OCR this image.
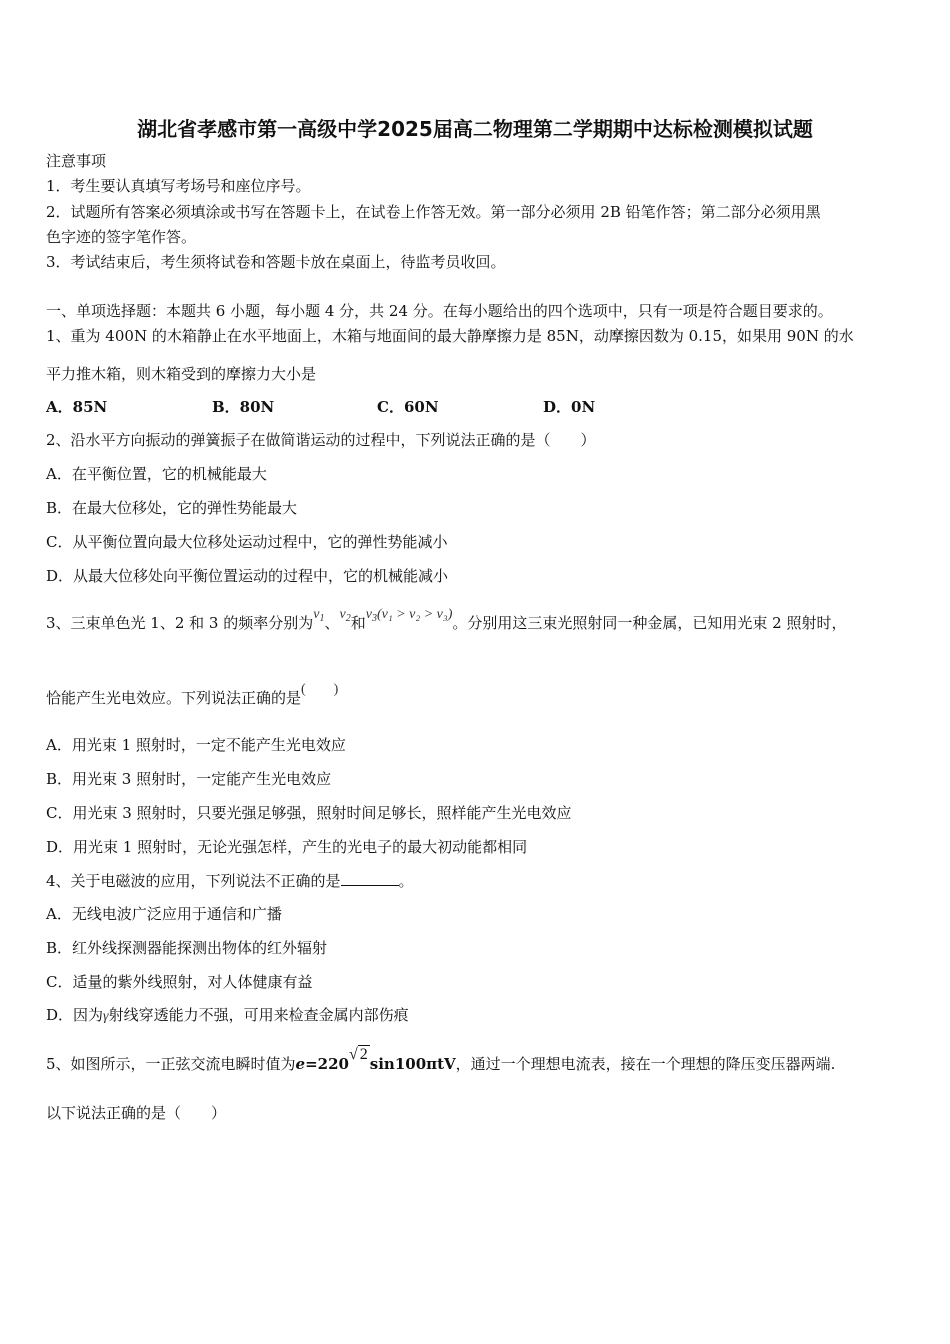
湖北省孝感市第一高级中学2025届高二物理第二学期期中达标检测模拟试题
注意事项
1．考生要认真填写考场号和座位序号。
2．试题所有答案必须填涂或书写在答题卡上，在试卷上作答无效。第一部分必须用 2B 铅笔作答；第二部分必须用黑
色字迹的签字笔作答。
3．考试结束后，考生须将试卷和答题卡放在桌面上，待监考员收回。
一、单项选择题：本题共 6 小题，每小题 4 分，共 24 分。在每小题给出的四个选项中，只有一项是符合题目要求的。
1、重为 400N 的木箱静止在水平地面上，木箱与地面间的最大静摩擦力是 85N，动摩擦因数为 0.15，如果用 90N 的水
平力推木箱，则木箱受到的摩擦力大小是
A．85N	B．80N	C．60N	D．0N
2、沿水平方向振动的弹簧振子在做简谐运动的过程中，下列说法正确的是（　　）
A．在平衡位置，它的机械能最大
B．在最大位移处，它的弹性势能最大
C．从平衡位置向最大位移处运动过程中，它的弹性势能减小
D．从最大位移处向平衡位置运动的过程中，它的机械能减小
3、三束单色光 1、2 和 3 的频率分别为$v_1$、$v_2$和$v_3(v_1 > v_2 > v_3)$。分别用这三束光照射同一种金属，已知用光束 2 照射时，
恰能产生光电效应。下列说法正确的是(　　)
A．用光束 1 照射时，一定不能产生光电效应
B．用光束 3 照射时，一定能产生光电效应
C．用光束 3 照射时，只要光强足够强，照射时间足够长，照样能产生光电效应
D．用光束 1 照射时，无论光强怎样，产生的光电子的最大初动能都相同
4、关于电磁波的应用，下列说法不正确的是	。
A．无线电波广泛应用于通信和广播
B．红外线探测器能探测出物体的红外辐射
C．适量的紫外线照射，对人体健康有益
D．因为γ射线穿透能力不强，可用来检查金属内部伤痕
5、如图所示，一正弦交流电瞬时值为e=220√ 2sin100πtV，通过一个理想电流表，接在一个理想的降压变压器两端.
以下说法正确的是（　　）
